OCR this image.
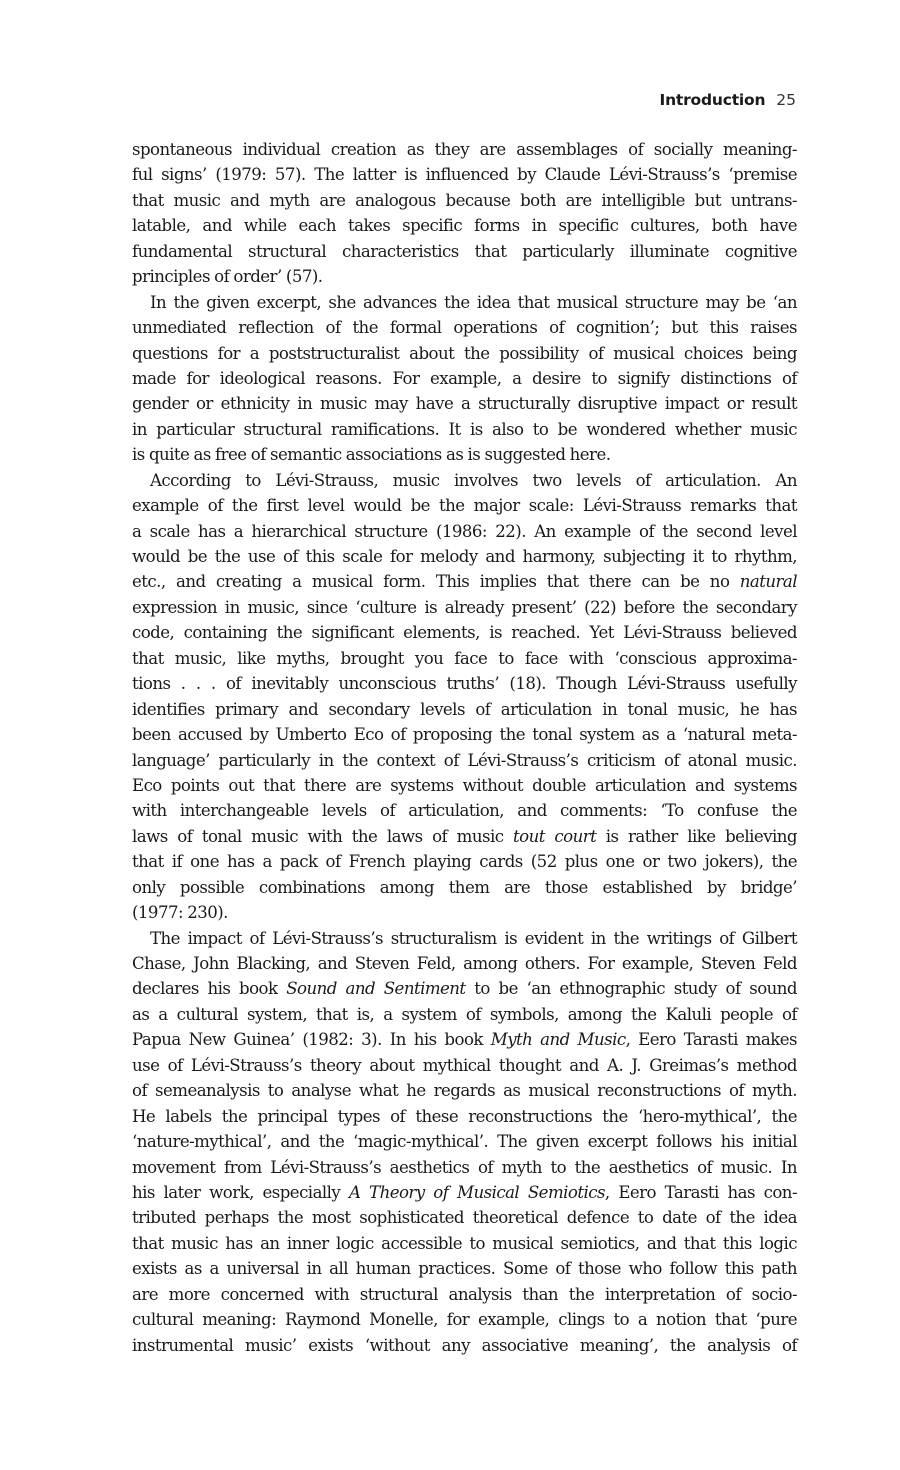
Introduction 25
spontaneous individual creation as they are assemblages of socially meaning-
ful signs’ (1979: 57). The latter is influenced by Claude Lévi-Strauss’s ‘premise
that music and myth are analogous because both are intelligible but untrans-
latable, and while each takes specific forms in specific cultures, both have
fundamental structural characteristics that particularly illuminate cognitive
principles of order’ (57).
In the given excerpt, she advances the idea that musical structure may be ‘an
unmediated reflection of the formal operations of cognition’; but this raises
questions for a poststructuralist about the possibility of musical choices being
made for ideological reasons. For example, a desire to signify distinctions of
gender or ethnicity in music may have a structurally disruptive impact or result
in particular structural ramifications. It is also to be wondered whether music
is quite as free of semantic associations as is suggested here.
According to Lévi-Strauss, music involves two levels of articulation. An
example of the first level would be the major scale: Lévi-Strauss remarks that
a scale has a hierarchical structure (1986: 22). An example of the second level
would be the use of this scale for melody and harmony, subjecting it to rhythm,
etc., and creating a musical form. This implies that there can be no natural
expression in music, since ‘culture is already present’ (22) before the secondary
code, containing the significant elements, is reached. Yet Lévi-Strauss believed
that music, like myths, brought you face to face with ‘conscious approxima-
tions . . . of inevitably unconscious truths’ (18). Though Lévi-Strauss usefully
identifies primary and secondary levels of articulation in tonal music, he has
been accused by Umberto Eco of proposing the tonal system as a ‘natural meta-
language’ particularly in the context of Lévi-Strauss’s criticism of atonal music.
Eco points out that there are systems without double articulation and systems
with interchangeable levels of articulation, and comments: ‘To confuse the
laws of tonal music with the laws of music tout court is rather like believing
that if one has a pack of French playing cards (52 plus one or two jokers), the
only possible combinations among them are those established by bridge’
(1977: 230).
The impact of Lévi-Strauss’s structuralism is evident in the writings of Gilbert
Chase, John Blacking, and Steven Feld, among others. For example, Steven Feld
declares his book Sound and Sentiment to be ‘an ethnographic study of sound
as a cultural system, that is, a system of symbols, among the Kaluli people of
Papua New Guinea’ (1982: 3). In his book Myth and Music, Eero Tarasti makes
use of Lévi-Strauss’s theory about mythical thought and A. J. Greimas’s method
of semeanalysis to analyse what he regards as musical reconstructions of myth.
He labels the principal types of these reconstructions the ‘hero-mythical’, the
‘nature-mythical’, and the ‘magic-mythical’. The given excerpt follows his initial
movement from Lévi-Strauss’s aesthetics of myth to the aesthetics of music. In
his later work, especially A Theory of Musical Semiotics, Eero Tarasti has con-
tributed perhaps the most sophisticated theoretical defence to date of the idea
that music has an inner logic accessible to musical semiotics, and that this logic
exists as a universal in all human practices. Some of those who follow this path
are more concerned with structural analysis than the interpretation of socio-
cultural meaning: Raymond Monelle, for example, clings to a notion that ‘pure
instrumental music’ exists ‘without any associative meaning’, the analysis of
